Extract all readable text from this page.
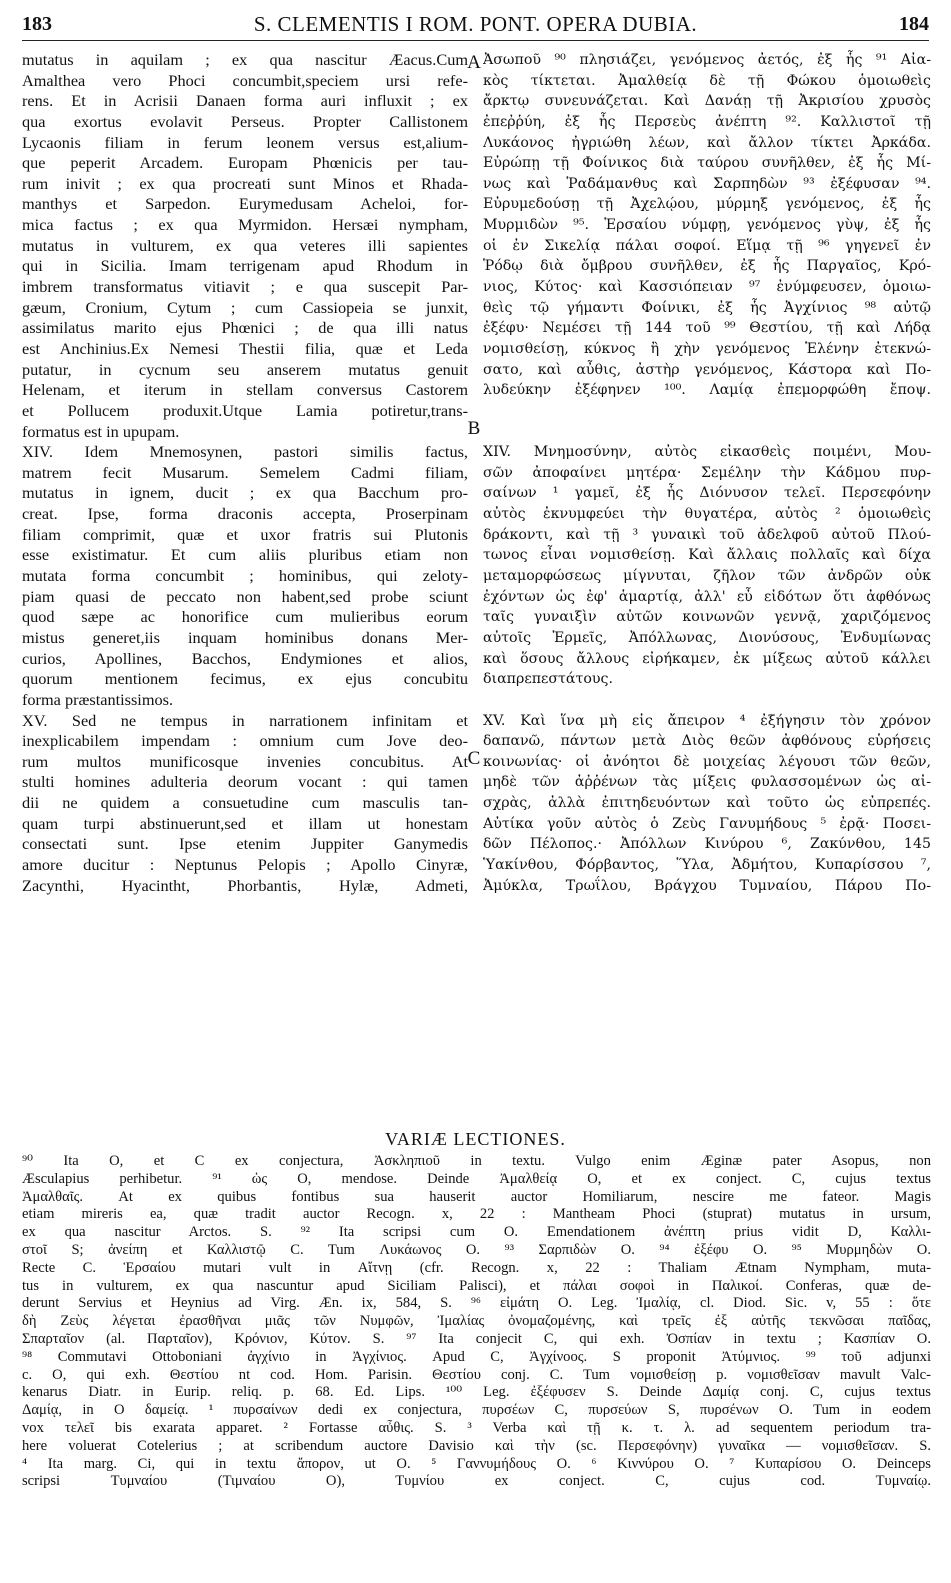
183	S. CLEMENTIS I ROM. PONT. OPERA DUBIA.	184
mutatus in aquilam ; ex qua nascitur Æacus.Cum
Amalthea vero Phoci concumbit,speciem ursi refe-
rens. Et in Acrisii Danaen forma auri influxit ; ex
qua exortus evolavit Perseus. Propter Callistonem
Lycaonis filiam in ferum leonem versus est,alium-
que peperit Arcadem. Europam Phœnicis per tau-
rum inivit ; ex qua procreati sunt Minos et Rhada-
manthys et Sarpedon. Eurymedusam Acheloi, for-
mica factus ; ex qua Myrmidon. Hersæi nympham,
mutatus in vulturem, ex qua veteres illi sapientes
qui in Sicilia. Imam terrigenam apud Rhodum in
imbrem transformatus vitiavit ; e qua suscepit Par-
gæum, Cronium, Cytum ; cum Cassiopeia se junxit,
assimilatus marito ejus Phœnici ; de qua illi natus
est Anchinius.Ex Nemesi Thestii filia, quæ et Leda
putatur, in cycnum seu anserem mutatus genuit
Helenam, et iterum in stellam conversus Castorem
et Pollucem produxit.Utque Lamia potiretur,trans-
formatus est in upupam.
XIV. Idem Mnemosynen, pastori similis factus,
matrem fecit Musarum. Semelem Cadmi filiam,
mutatus in ignem, ducit ; ex qua Bacchum pro-
creat. Ipse, forma draconis accepta, Proserpinam
filiam comprimit, quæ et uxor fratris sui Plutonis
esse existimatur. Et cum aliis pluribus etiam non
mutata forma concumbit ; hominibus, qui zeloty-
piam quasi de peccato non habent,sed probe sciunt
quod sæpe ac honorifice cum mulieribus eorum
mistus generet,iis inquam hominibus donans Mer-
curios, Apollines, Bacchos, Endymiones et alios,
quorum mentionem fecimus, ex ejus concubitu
forma præstantissimos.
XV. Sed ne tempus in narrationem infinitam et
inexplicabilem impendam : omnium cum Jove deo-
rum multos munificosque invenies concubitus. At
stulti homines adulteria deorum vocant : qui tamen
dii ne quidem a consuetudine cum masculis tan-
quam turpi abstinuerunt,sed et illam ut honestam
consectati sunt. Ipse etenim Juppiter Ganymedis
amore ducitur : Neptunus Pelopis ; Apollo Cinyræ,
Zacynthi, Hyacintht, Phorbantis, Hylæ, Admeti,
Ἀσωποῦ ⁹⁰ πλησιάζει, γενόμενος ἀετός, ἐξ ἧς ⁹¹ Αἰα-
κὸς τίκτεται. Ἀμαλθείᾳ δὲ τῇ Φώκου ὁμοιωθεὶς
ἄρκτῳ συνευνάζεται. Καὶ Δανάῃ τῇ Ἀκρισίου χρυσὸς
ἐπεῤῥύη, ἐξ ἧς Περσεὺς ἀνέπτη ⁹². Καλλιστοῖ τῇ
Λυκάονος ἠγριώθη λέων, καὶ ἄλλον τίκτει Ἀρκάδα.
Εὐρώπῃ τῇ Φοίνικος διὰ ταύρου συνῆλθεν, ἐξ ἧς Μί-
νως καὶ Ῥαδάμανθυς καὶ Σαρπηδὼν ⁹³ ἐξέφυσαν ⁹⁴.
Εὐρυμεδούσῃ τῇ Ἀχελῴου, μύρμηξ γενόμενος, ἐξ ἧς
Μυρμιδὼν ⁹⁵. Ἑρσαίου νύμφῃ, γενόμενος γὺψ, ἐξ ἧς
οἱ ἐν Σικελίᾳ πάλαι σοφοί. Εἵμᾳ τῇ ⁹⁶ γηγενεῖ ἐν
Ῥόδῳ διὰ ὄμβρου συνῆλθεν, ἐξ ἧς Παργαῖος, Κρό-
νιος, Κύτος· καὶ Κασσιόπειαν ⁹⁷ ἐνύμφευσεν, ὁμοιω-
θεὶς τῷ γήμαντι Φοίνικι, ἐξ ἧς Ἀγχίνιος ⁹⁸ αὐτῷ
ἐξέφυ· Νεμέσει τῇ 144 τοῦ ⁹⁹ Θεστίου, τῇ καὶ Λήδᾳ
νομισθείσῃ, κύκνος ἢ χὴν γενόμενος Ἑλένην ἐτεκνώ-
σατο, καὶ αὖθις, ἀστὴρ γενόμενος, Κάστορα καὶ Πο-
λυδεύκην ἐξέφηνεν ¹⁰⁰. Λαμίᾳ ἐπεμορφώθη ἔποψ.
XIV. Μνημοσύνην, αὐτὸς εἰκασθεὶς ποιμένι, Μου-
σῶν ἀποφαίνει μητέρα· Σεμέλην τὴν Κάδμου πυρ-
σαίνων ¹ γαμεῖ, ἐξ ἧς Διόνυσον τελεῖ. Περσεφόνην
αὐτὸς ἐκνυμφεύει τὴν θυγατέρα, αὐτὸς ² ὁμοιωθεὶς
δράκοντι, καὶ τῇ ³ γυναικὶ τοῦ ἀδελφοῦ αὐτοῦ Πλού-
τωνος εἶναι νομισθείσῃ. Καὶ ἄλλαις πολλαῖς καὶ δίχα
μεταμορφώσεως μίγνυται, ζῆλον τῶν ἀνδρῶν οὐκ
ἐχόντων ὡς ἐφ' ἁμαρτίᾳ, ἀλλ' εὖ εἰδότων ὅτι ἀφθόνως
ταῖς γυναιξὶν αὐτῶν κοινωνῶν γεννᾷ, χαριζόμενος
αὐτοῖς Ἑρμεῖς, Ἀπόλλωνας, Διονύσους, Ἐνδυμίωνας
καὶ ὅσους ἄλλους εἰρήκαμεν, ἐκ μίξεως αὐτοῦ κάλλει
διαπρεπεστάτους.
XV. Καὶ ἵνα μὴ εἰς ἄπειρον ⁴ ἐξήγησιν τὸν χρόνον
δαπανῶ, πάντων μετὰ Διὸς θεῶν ἀφθόνους εὑρήσεις
κοινωνίας· οἱ ἀνόητοι δὲ μοιχείας λέγουσι τῶν θεῶν,
μηδὲ τῶν ἀῤῥένων τὰς μίξεις φυλασσομένων ὡς αἰ-
σχρὰς, ἀλλὰ ἐπιτηδευόντων καὶ τοῦτο ὡς εὐπρεπές.
Αὐτίκα γοῦν αὐτὸς ὁ Ζεὺς Γανυμήδους ⁵ ἐρᾷ· Ποσει-
δῶν Πέλοπος.· Ἀπόλλων Κινύρου ⁶, Ζακύνθου, 145
Ὑακίνθου, Φόρβαντος, Ὕλα, Ἀδμήτου, Κυπαρίσσου ⁷,
Ἀμύκλα, Τρωΐλου, Βράγχου Τυμναίου, Πάρου Πο-
A
B
C
VARIÆ LECTIONES.
⁹⁰ Ita O, et C ex conjectura, Ἀσκληπιοῦ in textu. Vulgo enim Æginæ pater Asopus, non
Æsculapius perhibetur. ⁹¹ ὡς O, mendose. Deinde Ἀμαλθείᾳ O, et ex conject. C, cujus textus
Ἀμαλθαῖς. At ex quibus fontibus sua hauserit auctor Homiliarum, nescire me fateor. Magis
etiam mireris ea, quæ tradit auctor Recogn. x, 22 : Mantheam Phoci (stuprat) mutatus in ursum,
ex qua nascitur Arctos. S. ⁹² Ita scripsi cum O. Emendationem ἀνέπτη prius vidit D, Καλλι-
στοῖ S; ἀνείπη et Καλλιστῷ C. Tum Λυκάωνος O. ⁹³ Σαρπιδὼν O. ⁹⁴ ἐξέφυ O. ⁹⁵ Μυρμηδὼν O.
Recte C. Ἑρσαίου mutari vult in Αἴτνῃ (cfr. Recogn. x, 22 : Thaliam Ætnam Nympham, muta-
tus in vulturem, ex qua nascuntur apud Siciliam Palisci), et πάλαι σοφοὶ in Παλικοί. Conferas, quæ de-
derunt Servius et Heynius ad Virg. Æn. ix, 584, S. ⁹⁶ εἰμάτη O. Leg. Ἰμαλίᾳ, cl. Diod. Sic. v, 55 : ὅτε
δὴ Ζεὺς λέγεται ἐρασθῆναι μιᾶς τῶν Νυμφῶν, Ἰμαλίας ὀνομαζομένης, καὶ τρεῖς ἐξ αὐτῆς τεκνῶσαι παῖδας,
Σπαρταῖον (al. Παρταῖον), Κρόνιον, Κύτον. S. ⁹⁷ Ita conjecit C, qui exh. Ὀσπίαν in textu ; Κασπίαν O.
⁹⁸ Commutavi Ottoboniani ἀγχίνιο in Ἀγχίνιος. Apud C, Ἀγχίνοος. S proponit Ἀτύμνιος. ⁹⁹ τοῦ adjunxi
c. O, qui exh. Θεστίου nt cod. Hom. Parisin. Θεστίου conj. C. Tum νομισθείσῃ p. νομισθεῖσαν mavult Valc-
kenarus Diatr. in Eurip. reliq. p. 68. Ed. Lips. ¹⁰⁰ Leg. ἐξέφυσεν S. Deinde Δαμίᾳ conj. C, cujus textus
Δαμίᾳ, in O δαμείᾳ. ¹ πυρσαίνων dedi ex conjectura, πυρσέων C, πυρσεύων S, πυρσένων O. Tum in eodem
vox τελεῖ bis exarata apparet. ² Fortasse αὖθις. S. ³ Verba καὶ τῇ κ. τ. λ. ad sequentem periodum tra-
here voluerat Cotelerius ; at scribendum auctore Davisio καὶ τὴν (sc. Περσεφόνην) γυναῖκα — νομισθεῖσαν. S.
⁴ Ita marg. Ci, qui in textu ἄπορον, ut O. ⁵ Γαννυμήδους O. ⁶ Κιννύρου O. ⁷ Κυπαρίσου O. Deinceps
scripsi Τυμναίου (Τιμναίου O), Τυμνίου ex conject. C, cujus cod. Τυμναίῳ.
